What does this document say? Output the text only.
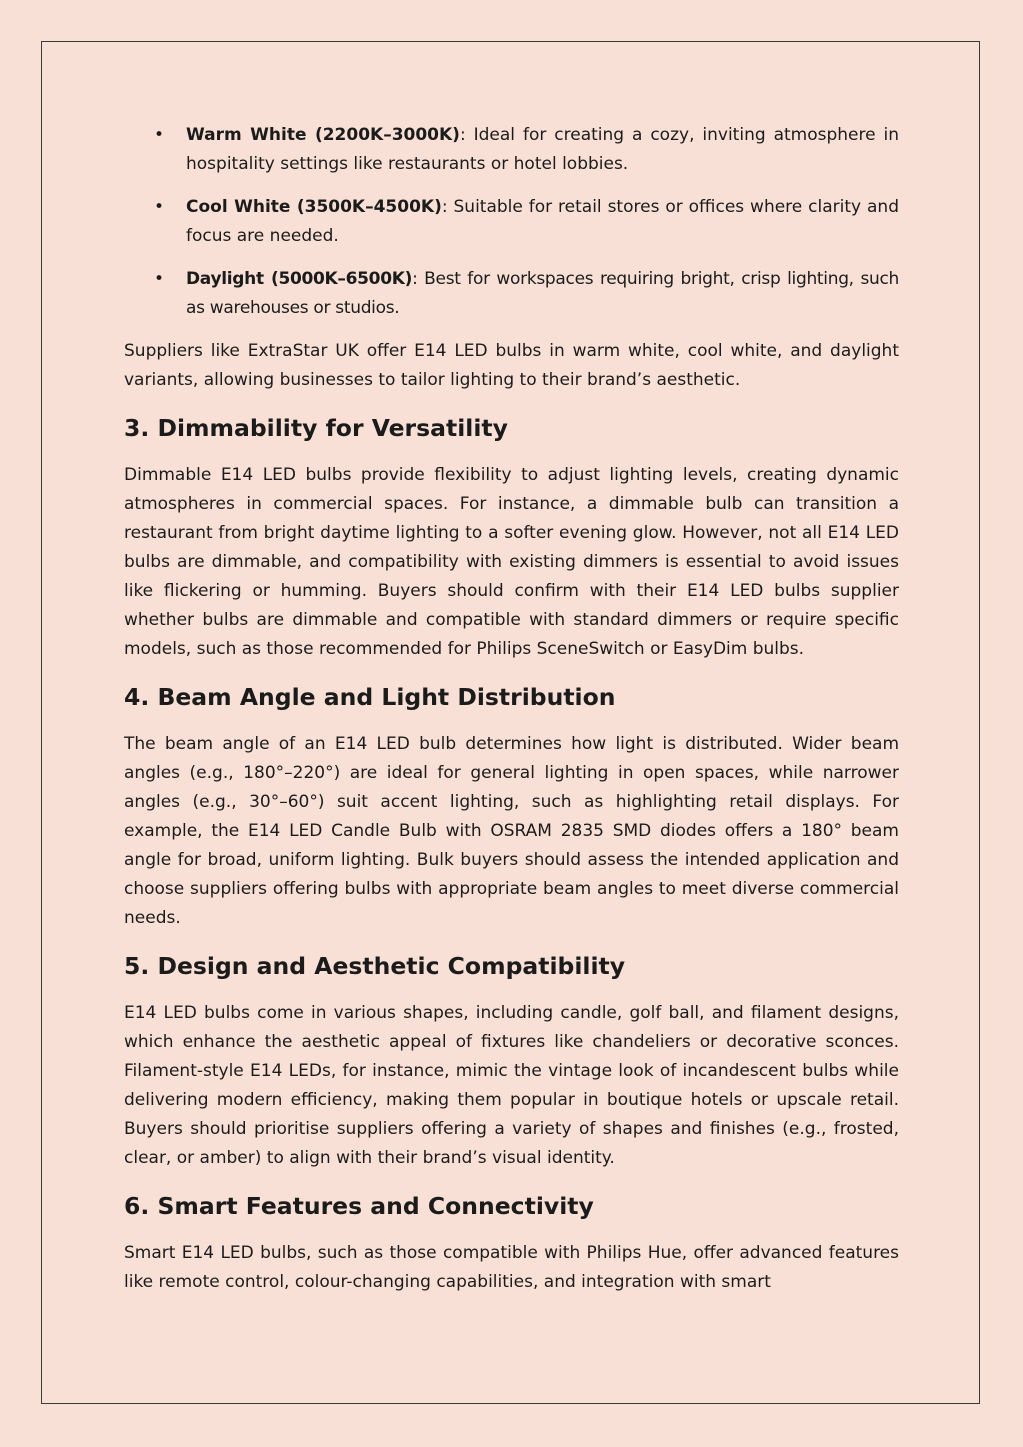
• Warm White (2200K–3000K): Ideal for creating a cozy, inviting atmosphere in hospitality settings like restaurants or hotel lobbies.
• Cool White (3500K–4500K): Suitable for retail stores or offices where clarity and focus are needed.
• Daylight (5000K–6500K): Best for workspaces requiring bright, crisp lighting, such as warehouses or studios.

Suppliers like ExtraStar UK offer E14 LED bulbs in warm white, cool white, and daylight variants, allowing businesses to tailor lighting to their brand’s aesthetic.

3. Dimmability for Versatility

Dimmable E14 LED bulbs provide flexibility to adjust lighting levels, creating dynamic atmospheres in commercial spaces. For instance, a dimmable bulb can transition a restaurant from bright daytime lighting to a softer evening glow. However, not all E14 LED bulbs are dimmable, and compatibility with existing dimmers is essential to avoid issues like flickering or humming. Buyers should confirm with their E14 LED bulbs supplier whether bulbs are dimmable and compatible with standard dimmers or require specific models, such as those recommended for Philips SceneSwitch or EasyDim bulbs.

4. Beam Angle and Light Distribution

The beam angle of an E14 LED bulb determines how light is distributed. Wider beam angles (e.g., 180°–220°) are ideal for general lighting in open spaces, while narrower angles (e.g., 30°–60°) suit accent lighting, such as highlighting retail displays. For example, the E14 LED Candle Bulb with OSRAM 2835 SMD diodes offers a 180° beam angle for broad, uniform lighting. Bulk buyers should assess the intended application and choose suppliers offering bulbs with appropriate beam angles to meet diverse commercial needs.

5. Design and Aesthetic Compatibility

E14 LED bulbs come in various shapes, including candle, golf ball, and filament designs, which enhance the aesthetic appeal of fixtures like chandeliers or decorative sconces. Filament-style E14 LEDs, for instance, mimic the vintage look of incandescent bulbs while delivering modern efficiency, making them popular in boutique hotels or upscale retail. Buyers should prioritise suppliers offering a variety of shapes and finishes (e.g., frosted, clear, or amber) to align with their brand’s visual identity.

6. Smart Features and Connectivity

Smart E14 LED bulbs, such as those compatible with Philips Hue, offer advanced features like remote control, colour-changing capabilities, and integration with smart
